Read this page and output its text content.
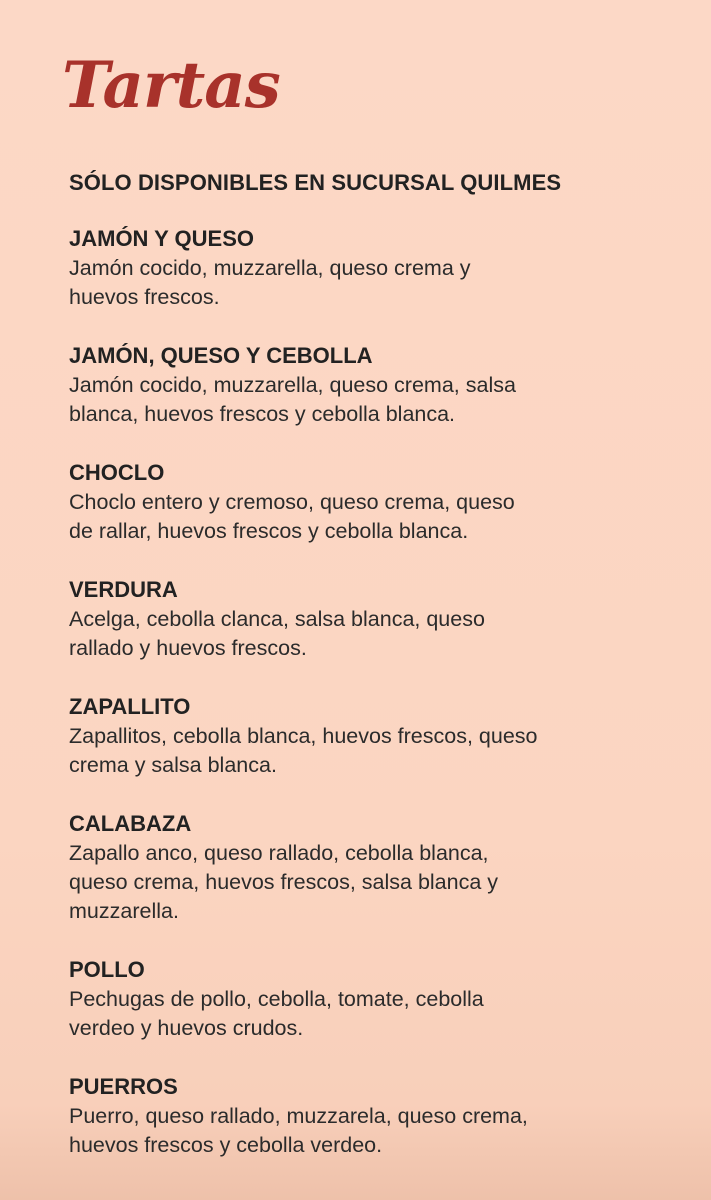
Tartas
SÓLO DISPONIBLES EN SUCURSAL QUILMES
JAMÓN Y QUESO
Jamón cocido, muzzarella, queso crema y
huevos frescos.
JAMÓN, QUESO Y CEBOLLA
Jamón cocido, muzzarella, queso crema, salsa
blanca, huevos frescos y cebolla blanca.
CHOCLO
Choclo entero y cremoso, queso crema, queso
de rallar, huevos frescos y cebolla blanca.
VERDURA
Acelga, cebolla clanca, salsa blanca, queso
rallado y huevos frescos.
ZAPALLITO
Zapallitos, cebolla blanca, huevos frescos, queso
crema y salsa blanca.
CALABAZA
Zapallo anco, queso rallado, cebolla blanca,
queso crema, huevos frescos, salsa blanca y
muzzarella.
POLLO
Pechugas de pollo, cebolla, tomate, cebolla
verdeo y huevos crudos.
PUERROS
Puerro, queso rallado, muzzarela, queso crema,
huevos frescos y cebolla verdeo.
